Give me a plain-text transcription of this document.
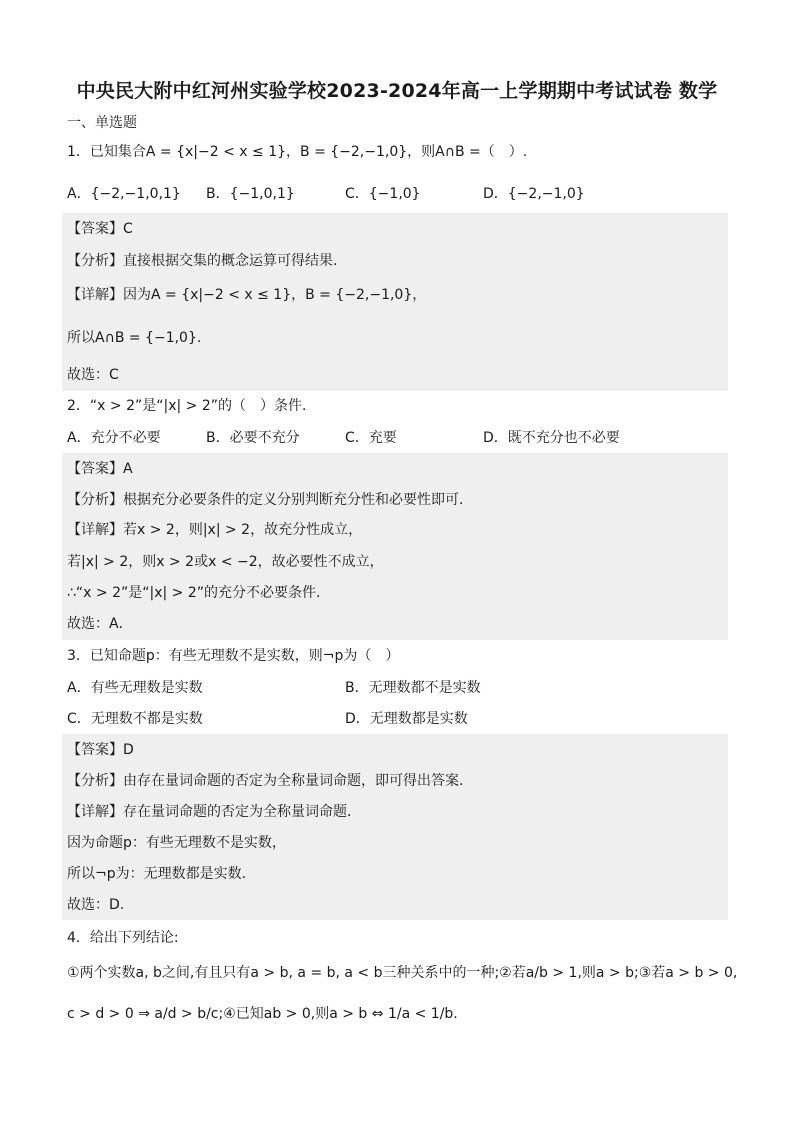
中央民大附中红河州实验学校2023-2024年高一上学期期中考试试卷 数学
一、单选题
1．已知集合A = {x|−2 < x ≤ 1}，B = {−2,−1,0}，则A∩B =（　）.
A．{−2,−1,0,1} B．{−1,0,1}	C．{−1,0}	D．{−2,−1,0}
【答案】C
【分析】直接根据交集的概念运算可得结果.
【详解】因为A = {x|−2 < x ≤ 1}，B = {−2,−1,0}，
所以A∩B = {−1,0}.
故选：C
2．“x > 2”是“|x| > 2”的（　）条件．
A．充分不必要	B．必要不充分	C．充要	D．既不充分也不必要
【答案】A
【分析】根据充分必要条件的定义分别判断充分性和必要性即可．
【详解】若x > 2，则|x| > 2，故充分性成立，
若|x| > 2，则x > 2或x < −2，故必要性不成立，
∴“x > 2”是“|x| > 2”的充分不必要条件.
故选：A．
3．已知命题p：有些无理数不是实数，则¬p为（　）
A．有些无理数是实数	B．无理数都不是实数
C．无理数不都是实数	D．无理数都是实数
【答案】D
【分析】由存在量词命题的否定为全称量词命题，即可得出答案.
【详解】存在量词命题的否定为全称量词命题．
因为命题p：有些无理数不是实数，
所以¬p为：无理数都是实数.
故选：D.
4．给出下列结论:
①两个实数a, b之间,有且只有a > b, a = b, a < b三种关系中的一种;②若a/b > 1,则a > b;③若a > b > 0,
c > d > 0 ⇒ a/d > b/c;④已知ab > 0,则a > b ⇔ 1/a < 1/b.
